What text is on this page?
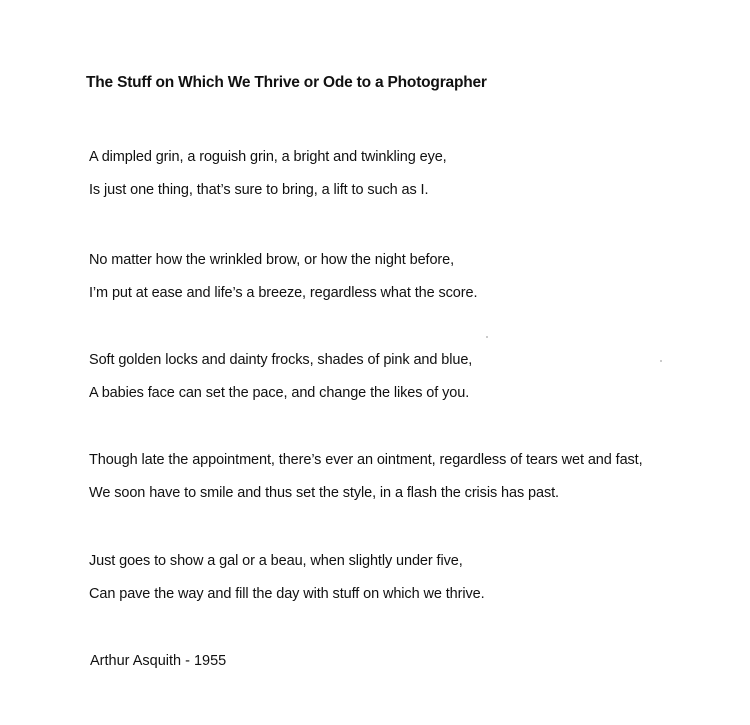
The Stuff on Which We Thrive or Ode to a Photographer
A dimpled grin, a roguish grin, a bright and twinkling eye,
Is just one thing, that’s sure to bring, a lift to such as I.
No matter how the wrinkled brow, or how the night before,
I’m put at ease and life’s a breeze, regardless what the score.
Soft golden locks and dainty frocks, shades of pink and blue,
A babies face can set the pace, and change the likes of you.
Though late the appointment, there’s ever an ointment, regardless of tears wet and fast,
We soon have to smile and thus set the style, in a flash the crisis has past.
Just goes to show a gal or a beau, when slightly under five,
Can pave the way and fill the day with stuff on which we thrive.
Arthur Asquith - 1955
